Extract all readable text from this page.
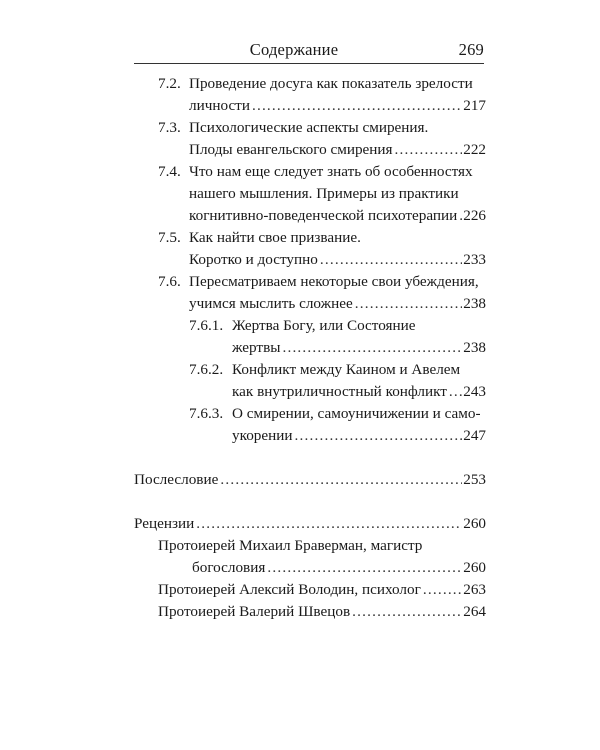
Содержание	269
7.2. Проведение досуга как показатель зрелости
личности . . .	217
7.3. Психологические аспекты смирения.
Плоды евангельского смирения . . .	222
7.4. Что нам еще следует знать об особенностях
нашего мышления. Примеры из практики
когнитивно-поведенческой психотерапии . . . 226
7.5. Как найти свое призвание.
Коротко и доступно . . .	233
7.6. Пересматриваем некоторые свои убеждения,
учимся мыслить сложнее . . .	238
7.6.1. Жертва Богу, или Состояние
жертвы . . .	238
7.6.2. Конфликт между Каином и Авелем
как внутриличностный конфликт . . . 243
7.6.3. О смирении, самоуничижении и само-
укорении . . .	247
Послесловие . . .	253
Рецензии . . .	260
Протоиерей Михаил Браверман, магистр
богословия . . .	260
Протоиерей Алексий Володин, психолог . . .	263
Протоиерей Валерий Швецов . . .	264
